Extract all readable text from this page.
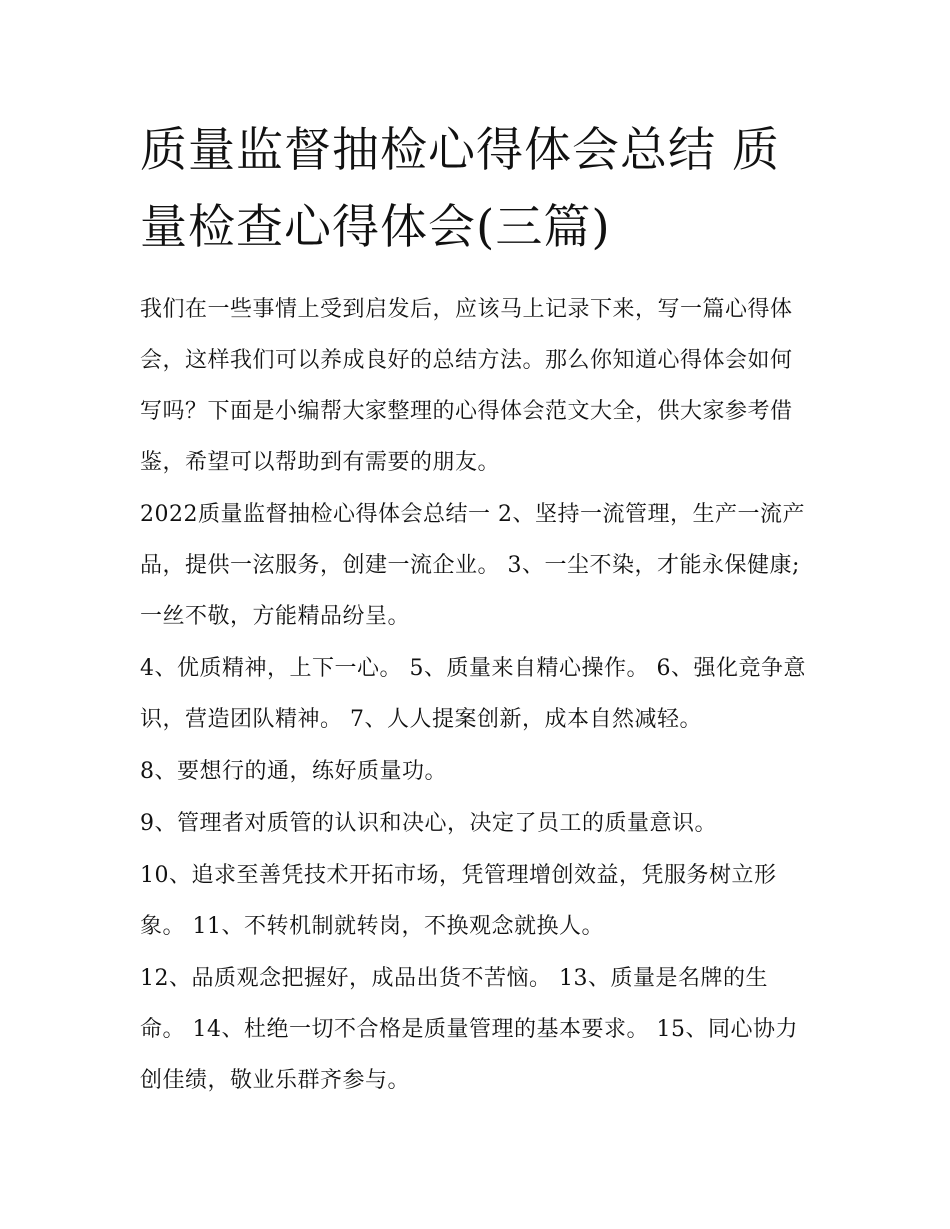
质量监督抽检心得体会总结 质量检查心得体会(三篇)

我们在一些事情上受到启发后，应该马上记录下来，写一篇心得体会，这样我们可以养成良好的总结方法。那么你知道心得体会如何写吗？下面是小编帮大家整理的心得体会范文大全，供大家参考借鉴，希望可以帮助到有需要的朋友。

2022质量监督抽检心得体会总结一 2、坚持一流管理，生产一流产品，提供一泫服务，创建一流企业。 3、一尘不染，才能永保健康;一丝不敬，方能精品纷呈。

4、优质精神，上下一心。 5、质量来自精心操作。 6、强化竞争意识，营造团队精神。 7、人人提案创新，成本自然减轻。

8、要想行的通，练好质量功。

9、管理者对质管的认识和决心，决定了员工的质量意识。

10、追求至善凭技术开拓市场，凭管理增创效益，凭服务树立形象。 11、不转机制就转岗，不换观念就换人。

12、品质观念把握好，成品出货不苦恼。 13、质量是名牌的生命。 14、杜绝一切不合格是质量管理的基本要求。 15、同心协力创佳绩，敬业乐群齐参与。
